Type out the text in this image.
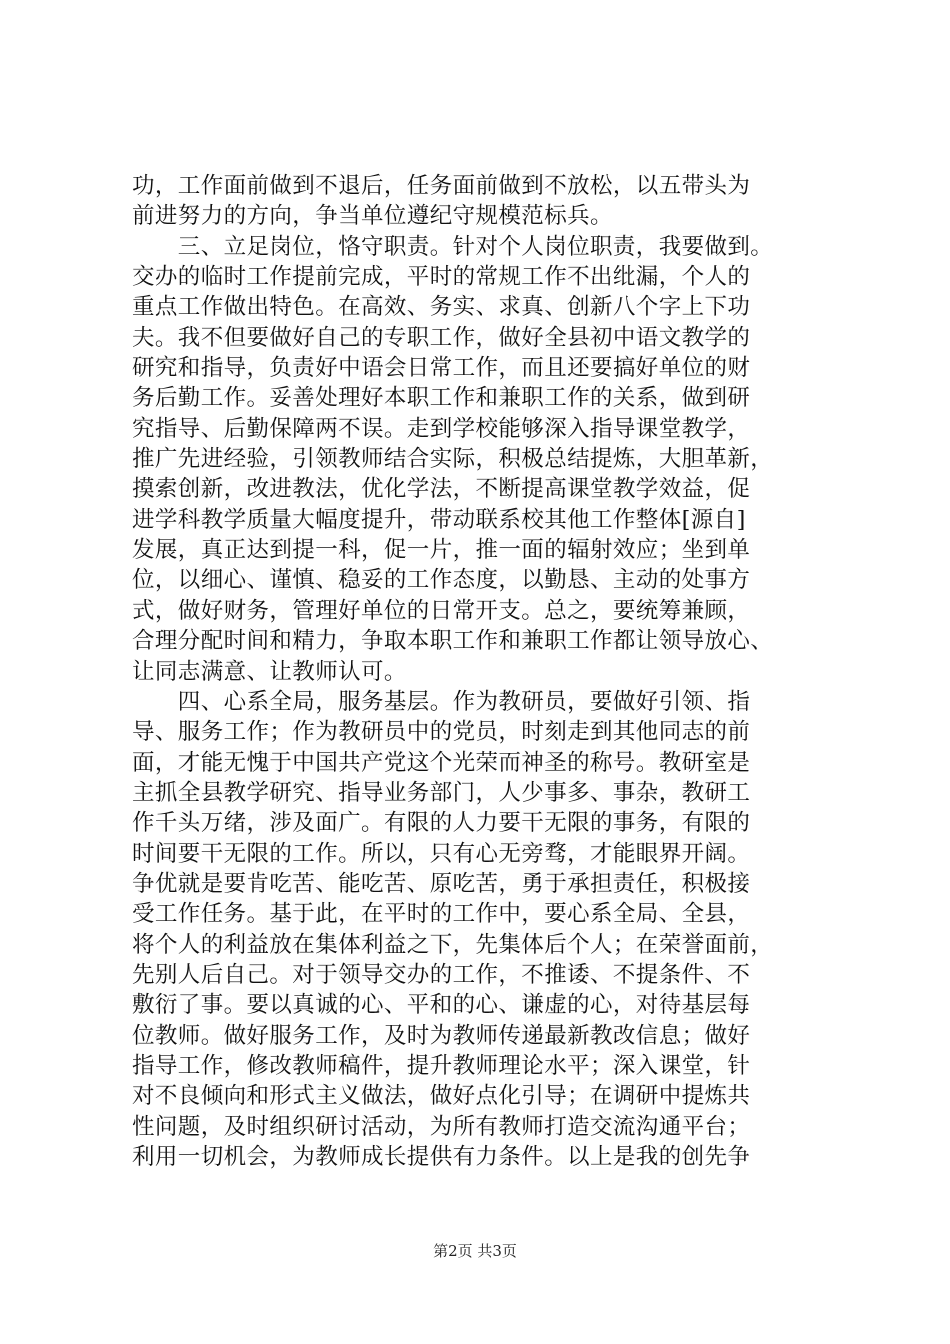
功，工作面前做到不退后，任务面前做到不放松，以五带头为
前进努力的方向，争当单位遵纪守规模范标兵。
　　三、立足岗位，恪守职责。针对个人岗位职责，我要做到。
交办的临时工作提前完成，平时的常规工作不出纰漏，个人的
重点工作做出特色。在高效、务实、求真、创新八个字上下功
夫。我不但要做好自己的专职工作，做好全县初中语文教学的
研究和指导，负责好中语会日常工作，而且还要搞好单位的财
务后勤工作。妥善处理好本职工作和兼职工作的关系，做到研
究指导、后勤保障两不误。走到学校能够深入指导课堂教学，
推广先进经验，引领教师结合实际，积极总结提炼，大胆革新，
摸索创新，改进教法，优化学法，不断提高课堂教学效益，促
进学科教学质量大幅度提升，带动联系校其他工作整体[源自]
发展，真正达到提一科，促一片，推一面的辐射效应；坐到单
位，以细心、谨慎、稳妥的工作态度，以勤恳、主动的处事方
式，做好财务，管理好单位的日常开支。总之，要统筹兼顾，
合理分配时间和精力，争取本职工作和兼职工作都让领导放心、
让同志满意、让教师认可。
　　四、心系全局，服务基层。作为教研员，要做好引领、指
导、服务工作；作为教研员中的党员，时刻走到其他同志的前
面，才能无愧于中国共产党这个光荣而神圣的称号。教研室是
主抓全县教学研究、指导业务部门，人少事多、事杂，教研工
作千头万绪，涉及面广。有限的人力要干无限的事务，有限的
时间要干无限的工作。所以，只有心无旁骛，才能眼界开阔。
争优就是要肯吃苦、能吃苦、原吃苦，勇于承担责任，积极接
受工作任务。基于此，在平时的工作中，要心系全局、全县，
将个人的利益放在集体利益之下，先集体后个人；在荣誉面前，
先别人后自己。对于领导交办的工作，不推诿、不提条件、不
敷衍了事。要以真诚的心、平和的心、谦虚的心，对待基层每
位教师。做好服务工作，及时为教师传递最新教改信息；做好
指导工作，修改教师稿件，提升教师理论水平；深入课堂，针
对不良倾向和形式主义做法，做好点化引导；在调研中提炼共
性问题，及时组织研讨活动，为所有教师打造交流沟通平台；
利用一切机会，为教师成长提供有力条件。以上是我的创先争
第2页 共3页
